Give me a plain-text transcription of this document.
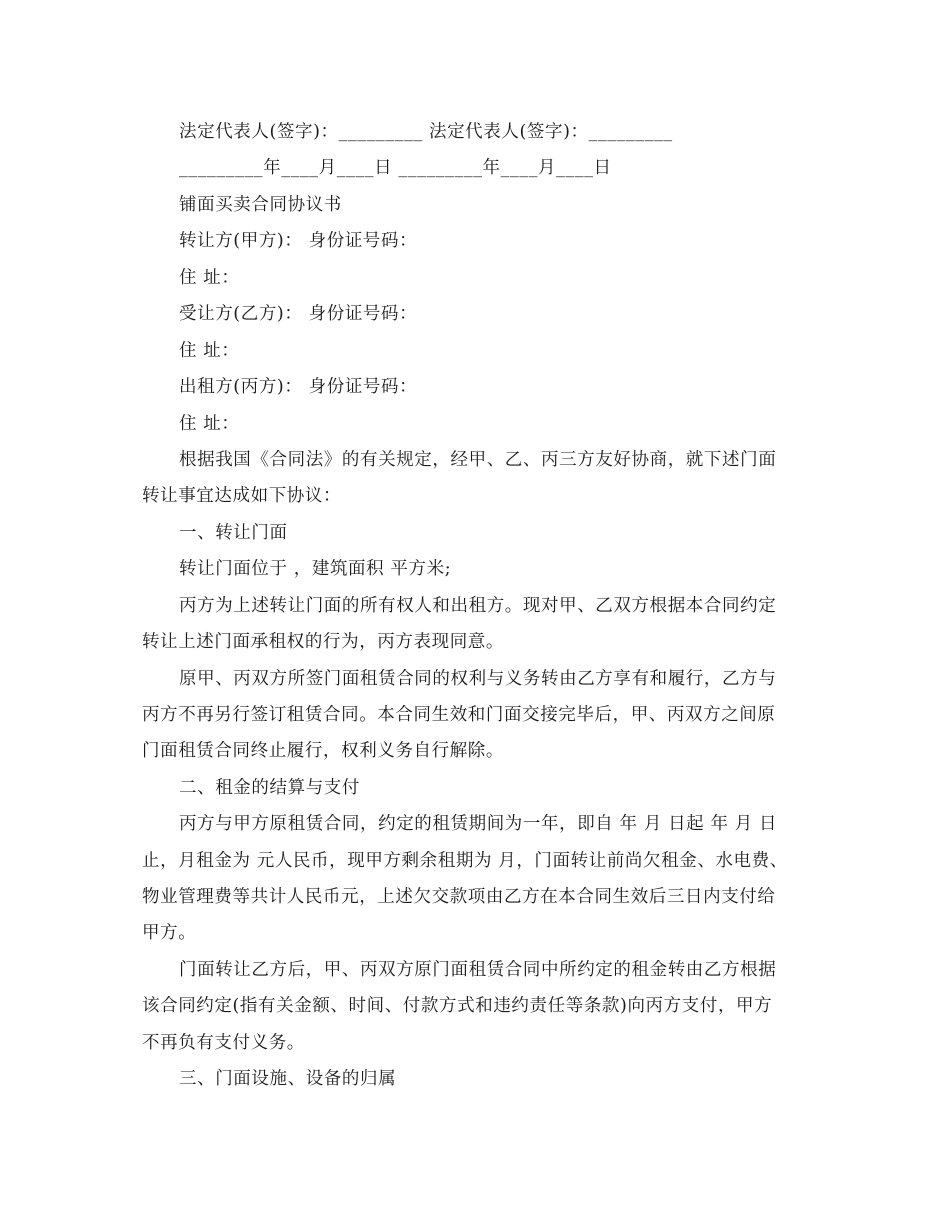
法定代表人(签字)：_________ 法定代表人(签字)：_________
_________年____月____日 _________年____月____日
铺面买卖合同协议书
转让方(甲方)： 身份证号码：
住 址：
受让方(乙方)： 身份证号码：
住 址：
出租方(丙方)： 身份证号码：
住 址：
根据我国《合同法》的有关规定，经甲、乙、丙三方友好协商，就下述门面
转让事宜达成如下协议：
一、转让门面
转让门面位于 ，建筑面积 平方米;
丙方为上述转让门面的所有权人和出租方。现对甲、乙双方根据本合同约定
转让上述门面承租权的行为，丙方表现同意。
原甲、丙双方所签门面租赁合同的权利与义务转由乙方享有和履行，乙方与
丙方不再另行签订租赁合同。本合同生效和门面交接完毕后，甲、丙双方之间原
门面租赁合同终止履行，权利义务自行解除。
二、租金的结算与支付
丙方与甲方原租赁合同，约定的租赁期间为一年，即自 年 月 日起 年 月 日
止，月租金为 元人民币，现甲方剩余租期为 月，门面转让前尚欠租金、水电费、
物业管理费等共计人民币元，上述欠交款项由乙方在本合同生效后三日内支付给
甲方。
门面转让乙方后，甲、丙双方原门面租赁合同中所约定的租金转由乙方根据
该合同约定(指有关金额、时间、付款方式和违约责任等条款)向丙方支付，甲方
不再负有支付义务。
三、门面设施、设备的归属
